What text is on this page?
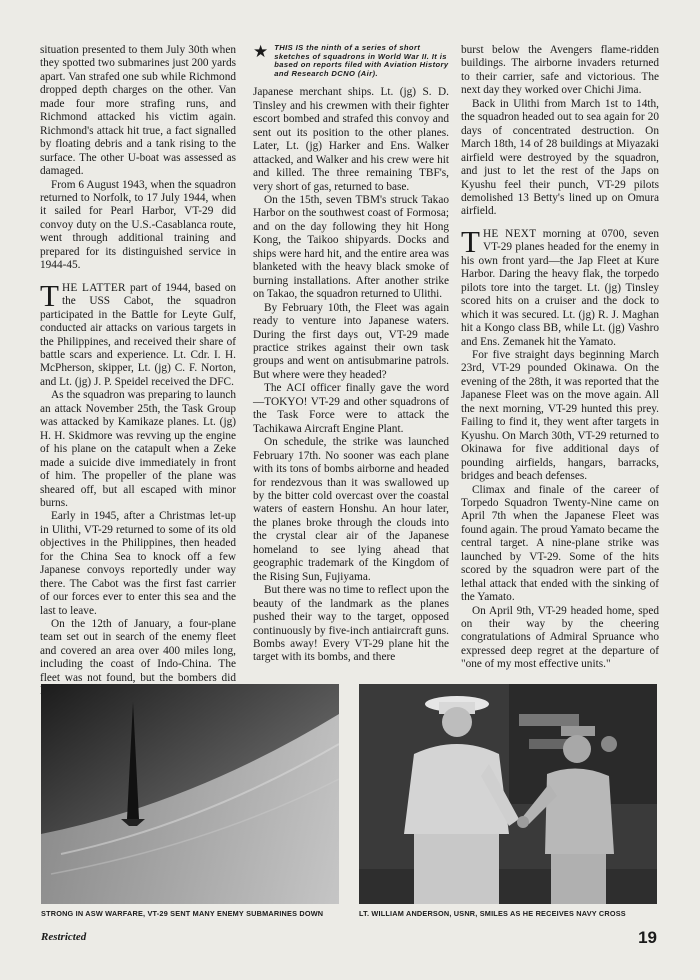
situation presented to them July 30th when they spotted two submarines just 200 yards apart. Van strafed one sub while Richmond dropped depth charges on the other. Van made four more strafing runs, and Richmond attacked his victim again. Richmond's attack hit true, a fact signalled by floating debris and a tank rising to the surface. The other U-boat was assessed as damaged.

From 6 August 1943, when the squadron returned to Norfolk, to 17 July 1944, when it sailed for Pearl Harbor, VT-29 did convoy duty on the U.S.-Casablanca route, went through additional training and prepared for its distinguished service in 1944-45.

THE LATTER part of 1944, based on the USS Cabot, the squadron participated in the Battle for Leyte Gulf, conducted air attacks on various targets in the Philippines, and received their share of battle scars and experience. Lt. Cdr. I. H. McPherson, skipper, Lt. (jg) C. F. Norton, and Lt. (jg) J. P. Speidel received the DFC.

As the squadron was preparing to launch an attack November 25th, the Task Group was attacked by Kamikaze planes. Lt. (jg) H. H. Skidmore was revving up the engine of his plane on the catapult when a Zeke made a suicide dive immediately in front of him. The propeller of the plane was sheared off, but all escaped with minor burns.

Early in 1945, after a Christmas let-up in Ulithi, VT-29 returned to some of its old objectives in the Philippines, then headed for the China Sea to knock off a few Japanese convoys reportedly under way there. The Cabot was the first fast carrier of our forces ever to enter this sea and the last to leave.

On the 12th of January, a four-plane team set out in search of the enemy fleet and covered an area over 400 miles long, including the coast of Indo-China. The fleet was not found, but the bombers did

★ THIS IS the ninth of a series of short sketches of squadrons in World War II. It is based on reports filed with Aviation History and Research DCNO (Air).

Japanese merchant ships. Lt. (jg) S. D. Tinsley and his crewmen with their fighter escort bombed and strafed this convoy and sent out its position to the other planes. Later, Lt. (jg) Harker and Ens. Walker attacked, and Walker and his crew were hit and killed. The three remaining TBF's, very short of gas, returned to base.

On the 15th, seven TBM's struck Takao Harbor on the southwest coast of Formosa; and on the day following they hit Hong Kong, the Taikoo shipyards. Docks and ships were hard hit, and the entire area was blanketed with the heavy black smoke of burning installations. After another strike on Takao, the squadron returned to Ulithi.

By February 10th, the Fleet was again ready to venture into Japanese waters. During the first days out, VT-29 made practice strikes against their own task groups and went on antisubmarine patrols. But where were they headed?

The ACI officer finally gave the word —TOKYO! VT-29 and other squadrons of the Task Force were to attack the Tachikawa Aircraft Engine Plant.

On schedule, the strike was launched February 17th. No sooner was each plane with its tons of bombs airborne and headed for rendezvous than it was swallowed up by the bitter cold overcast over the coastal waters of eastern Honshu. An hour later, the planes broke through the clouds into the crystal clear air of the Japanese homeland to see lying ahead that geographic trademark of the Kingdom of the Rising Sun, Fujiyama.

But there was no time to reflect upon the beauty of the landmark as the planes pushed their way to the target, opposed continuously by five-inch antiaircraft guns. Bombs away! Every VT-29 plane hit the target with its bombs, and there

burst below the Avengers flame-ridden buildings. The airborne invaders returned to their carrier, safe and victorious. The next day they worked over Chichi Jima.

Back in Ulithi from March 1st to 14th, the squadron headed out to sea again for 20 days of concentrated destruction. On March 18th, 14 of 28 buildings at Miyazaki airfield were destroyed by the squadron, and just to let the rest of the Japs on Kyushu feel their punch, VT-29 pilots demolished 13 Betty's lined up on Omura airfield.

THE NEXT morning at 0700, seven VT-29 planes headed for the enemy in his own front yard—the Jap Fleet at Kure Harbor. Daring the heavy flak, the torpedo pilots tore into the target. Lt. (jg) Tinsley scored hits on a cruiser and the dock to which it was secured. Lt. (jg) R. J. Maghan hit a Kongo class BB, while Lt. (jg) Vashro and Ens. Zemanek hit the Yamato.

For five straight days beginning March 23rd, VT-29 pounded Okinawa. On the evening of the 28th, it was reported that the Japanese Fleet was on the move again. All the next morning, VT-29 hunted this prey. Failing to find it, they went after targets in Kyushu. On March 30th, VT-29 returned to Okinawa for five additional days of pounding airfields, hangars, barracks, bridges and beach defenses.

Climax and finale of the career of Torpedo Squadron Twenty-Nine came on April 7th when the Japanese Fleet was found again. The proud Yamato became the central target. A nine-plane strike was launched by VT-29. Some of the hits scored by the squadron were part of the lethal attack that ended with the sinking of the Yamato.

On April 9th, VT-29 headed home, sped on their way by the cheering congratulations of Admiral Spruance who expressed deep regret at the departure of "one of my most effective units."

STRONG IN ASW WARFARE, VT-29 SENT MANY ENEMY SUBMARINES DOWN	LT. WILLIAM ANDERSON, USNR, SMILES AS HE RECEIVES NAVY CROSS
Restricted	19
